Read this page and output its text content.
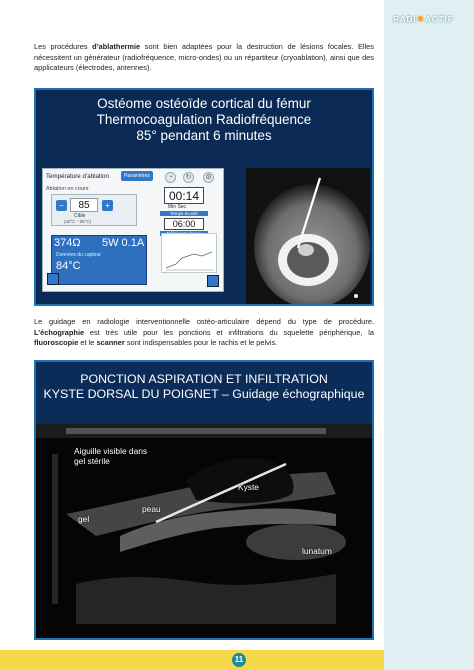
RADI✹ACTIF

Les procédures d’ablathermie sont bien adaptées pour la destruction de lésions focales. Elles nécessitent un générateur (radiofréquence, micro-ondes) ou un répartiteur (cryoablation), ainsi que des applicateurs (électrodes, antennes).

Ostéome ostéoïde cortical du fémur
Thermocoagulation Radiofréquence
85° pendant 6 minutes
Température d’ablation	Paramètres	◔	↻	⚙
Ablation en cours
−	85	+
Cible
(40°C - 95°C)
00:14
Min Sec
Temps écoulé
06:00
374Ω 5W 0.1A
Données du capteur
84°C

Le guidage en radiologie interventionnelle ostéo-articulaire dépend du type de procédure. L’échographie est très utile pour les ponctions et infiltrations du squelette périphérique, la fluoroscopie et le scanner sont indispensables pour le rachis et le pelvis.

PONCTION ASPIRATION ET INFILTRATION
KYSTE DORSAL DU POIGNET – Guidage échographique
Aiguille visible dans gel stérile
Kyste
gel
peau
lunatum
11
